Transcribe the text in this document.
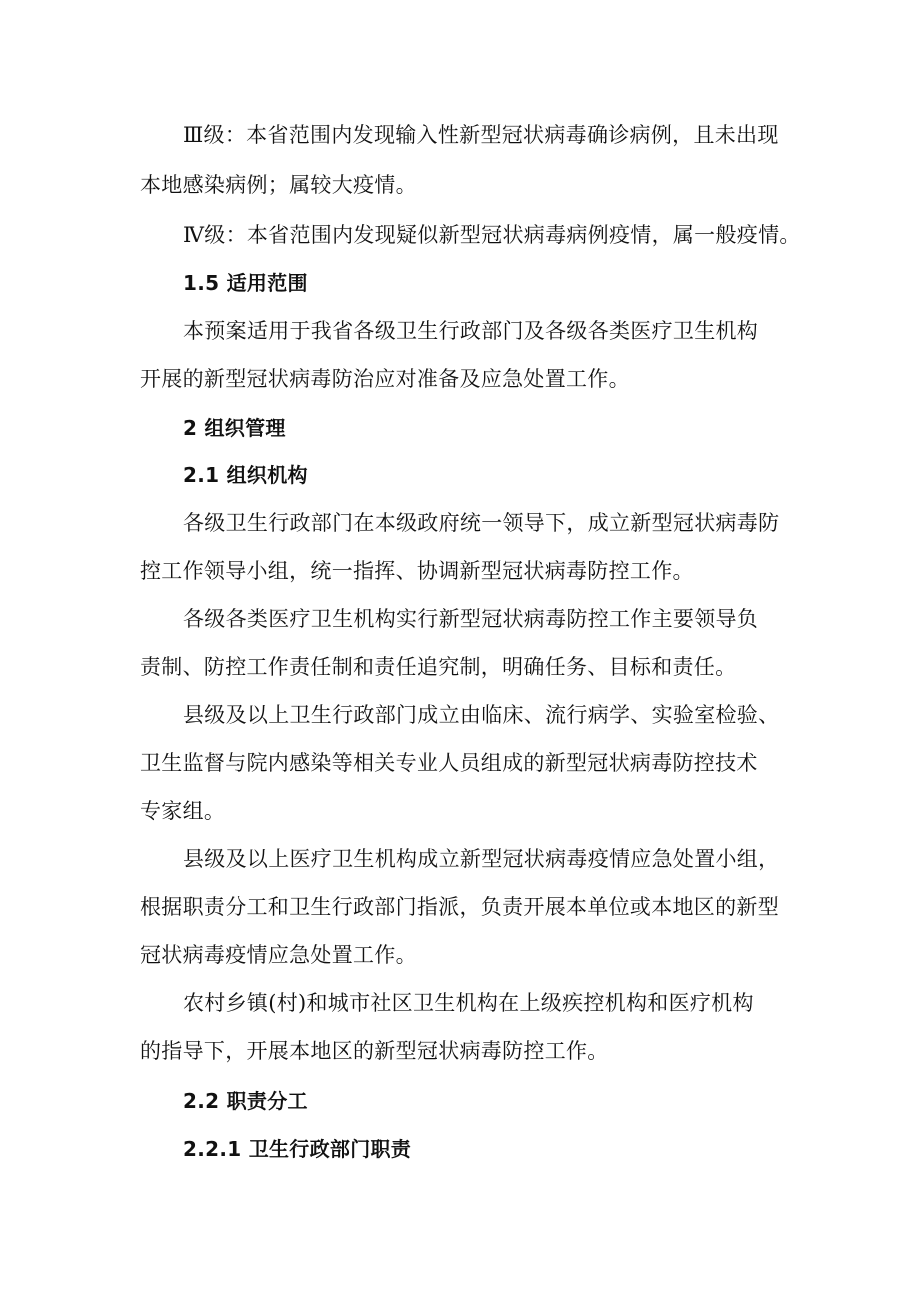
Ⅲ级：本省范围内发现输入性新型冠状病毒确诊病例，且未出现
本地感染病例；属较大疫情。
Ⅳ级：本省范围内发现疑似新型冠状病毒病例疫情，属一般疫情。
1.5 适用范围
本预案适用于我省各级卫生行政部门及各级各类医疗卫生机构
开展的新型冠状病毒防治应对准备及应急处置工作。
2 组织管理
2.1 组织机构
各级卫生行政部门在本级政府统一领导下，成立新型冠状病毒防
控工作领导小组，统一指挥、协调新型冠状病毒防控工作。
各级各类医疗卫生机构实行新型冠状病毒防控工作主要领导负
责制、防控工作责任制和责任追究制，明确任务、目标和责任。
县级及以上卫生行政部门成立由临床、流行病学、实验室检验、
卫生监督与院内感染等相关专业人员组成的新型冠状病毒防控技术
专家组。
县级及以上医疗卫生机构成立新型冠状病毒疫情应急处置小组，
根据职责分工和卫生行政部门指派，负责开展本单位或本地区的新型
冠状病毒疫情应急处置工作。
农村乡镇(村)和城市社区卫生机构在上级疾控机构和医疗机构
的指导下，开展本地区的新型冠状病毒防控工作。
2.2 职责分工
2.2.1 卫生行政部门职责
